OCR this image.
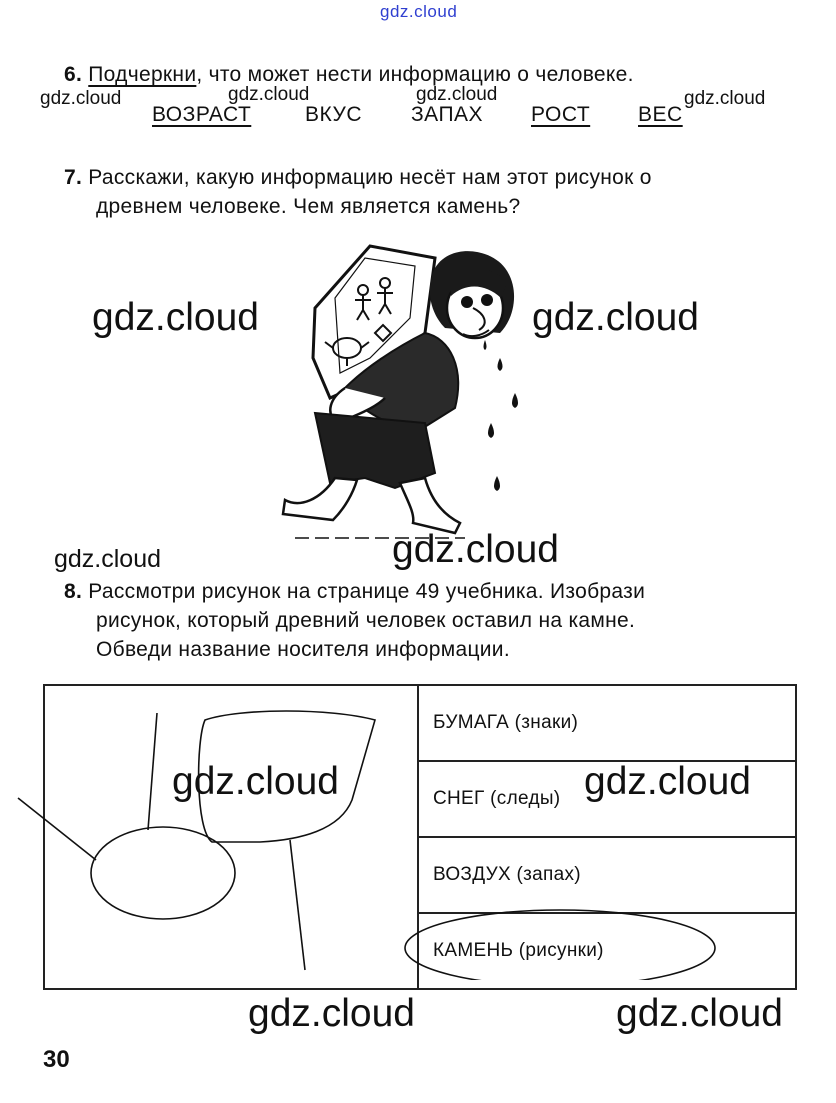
gdz.cloud
6. Подчеркни, что может нести информацию о человеке.
gdz.cloud	gdz.cloud	gdz.cloud	gdz.cloud
ВОЗРАСТ	ВКУС ЗАПАХ РОСТ ВЕС
7. Расскажи, какую информацию несёт нам этот рисунок о
древнем человеке. Чем является камень?
gdz.cloud	gdz.cloud
gdz.cloud	gdz.cloud
8. Рассмотри рисунок на странице 49 учебника. Изобрази
рисунок, который древний человек оставил на камне.
Обведи название носителя информации.
	БУМАГА (знаки)
СНЕГ (следы)
ВОЗДУХ (запах)
КАМЕНЬ (рисунки)
gdz.cloud	gdz.cloud
gdz.cloud	gdz.cloud
30
